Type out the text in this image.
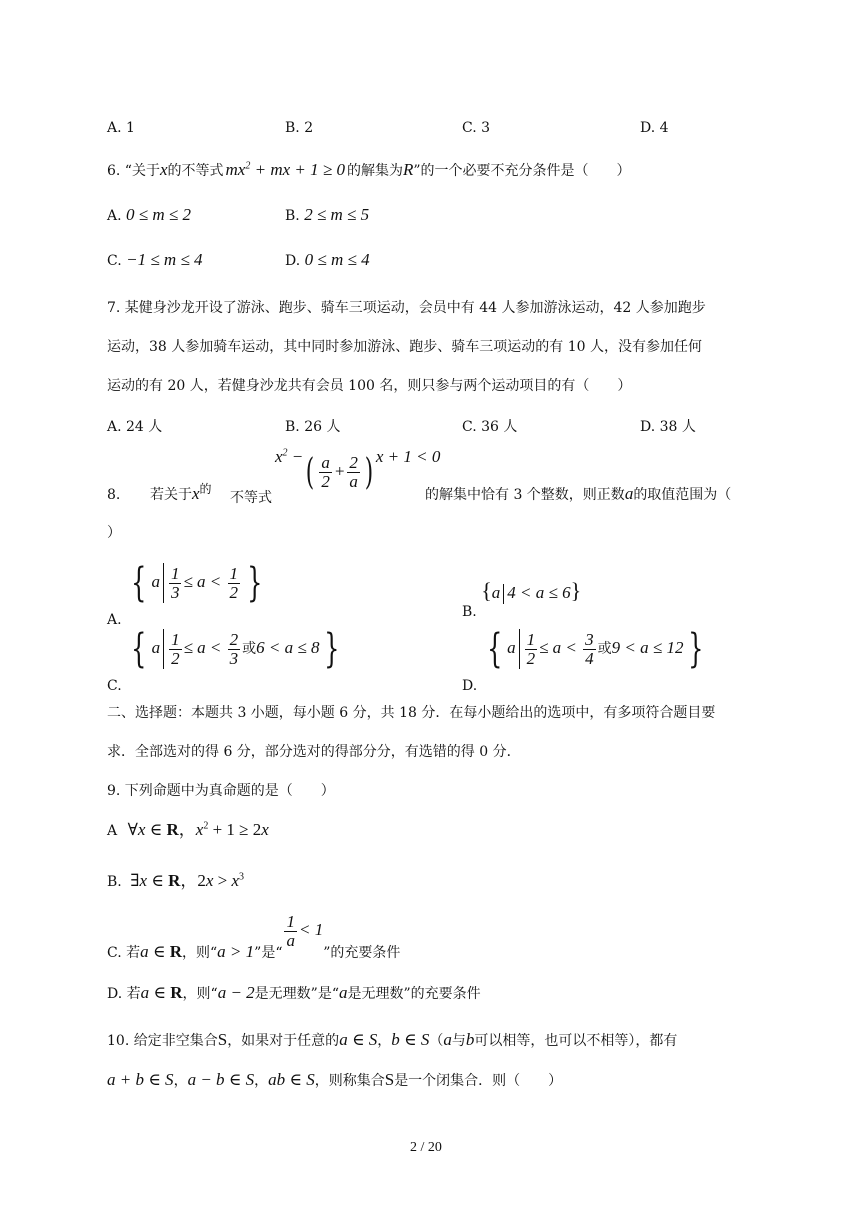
A. 1	B. 2	C. 3	D. 4
6. “关于x的不等式 $mx^2$ + mx + 1 ≥ 0 的解集为R”的一个必要不充分条件是（　　）
A. 0 ≤ m ≤ 2	B. 2 ≤ m ≤ 5
C. −1 ≤ m ≤ 4	D. 0 ≤ m ≤ 4
7. 某健身沙龙开设了游泳、跑步、骑车三项运动，会员中有 44 人参加游泳运动，42 人参加跑步
运动，38 人参加骑车运动，其中同时参加游泳、跑步、骑车三项运动的有 10 人，没有参加任何
运动的有 20 人，若健身沙龙共有会员 100 名，则只参与两个运动项目的有（　　）
A. 24 人	B. 26 人	C. 36 人	D. 38 人
8. 若关于x的
不等式
$x^2$ −( $\frac{a}{2} + \frac{2}{a}$ ) x + 1 < 0
的解集中恰有 3 个整数，则正数a的取值范围为（
）
A. { a $\frac{1}{3} \le a < \frac{1}{2}$ }
B. {a 4 < a ≤ 6}
C. { a $\frac{1}{2} \le a < \frac{2}{3}$ 或6 < a ≤ 8 }
D. { a $\frac{1}{2} \le a < \frac{3}{4}$ 或9 < a ≤ 12 }
二、选择题：本题共 3 小题，每小题 6 分，共 18 分．在每小题给出的选项中，有多项符合题目要
求．全部选对的得 6 分，部分选对的得部分分，有选错的得 0 分．
9. 下列命题中为真命题的是（　　）
A ∀x ∈ R，$x^2 + 1 \ge 2x$
B. ∃x ∈ R，$2x > x^3$
C. 若a ∈ R，则“a > 1”是“
$\frac{1}{a} < 1$”的充要条件
D. 若a ∈ R，则“a − 2是无理数”是“a是无理数”的充要条件
10. 给定非空集合S，如果对于任意的a ∈ S，b ∈ S（a与b可以相等，也可以不相等），都有
a + b ∈ S，a − b ∈ S，ab ∈ S，则称集合S是一个闭集合．则（　　）
2 / 20
